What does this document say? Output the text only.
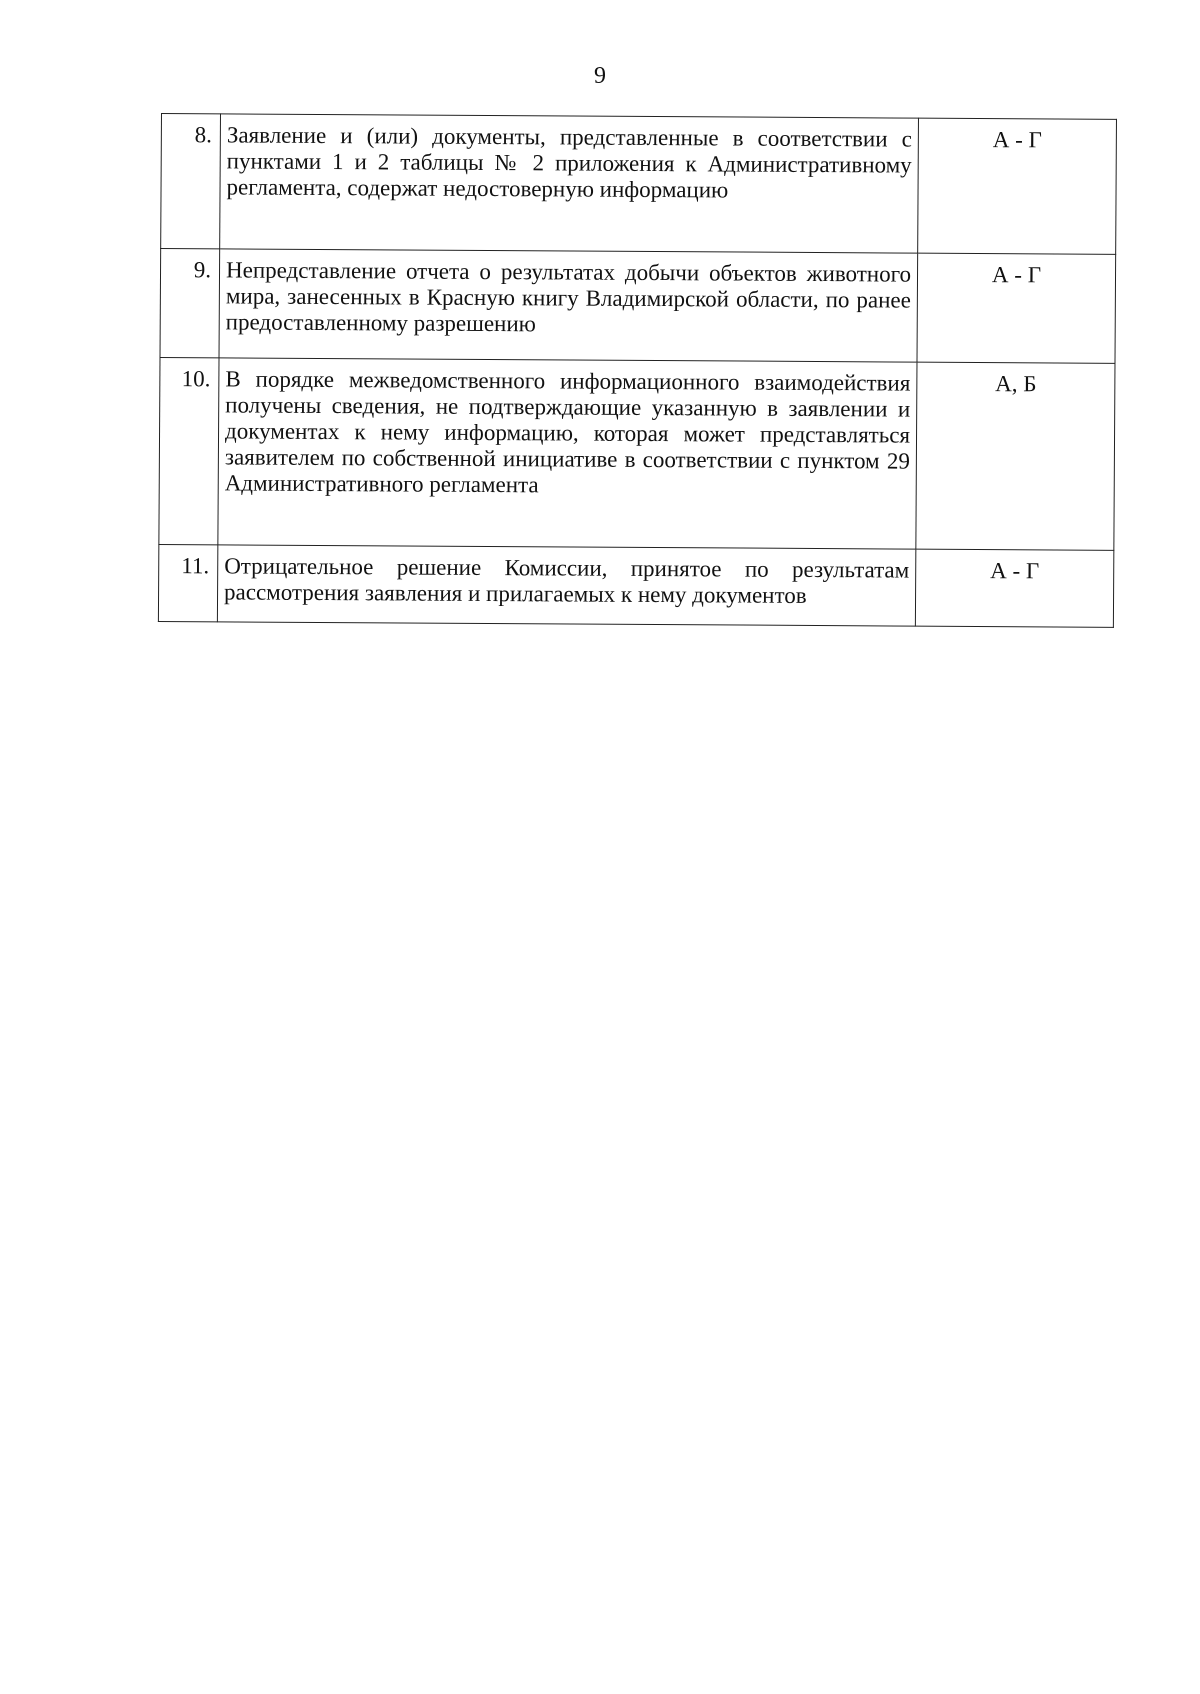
9
8.	Заявление и (или) документы, представленные в соответствии с пунктами 1 и 2 таблицы № 2 приложения к Административному регламента, содержат недостоверную информацию	А - Г
9.	Непредставление отчета о результатах добычи объектов животного мира, занесенных в Красную книгу Владимирской области, по ранее предоставленному разрешению	А - Г
10.	В порядке межведомственного информационного взаимодействия получены сведения, не подтверждающие указанную в заявлении и документах к нему информацию, которая может представляться заявителем по собственной инициативе в соответствии с пунктом 29 Административного регламента	А, Б
11.	Отрицательное решение Комиссии, принятое по результатам рассмотрения заявления и прилагаемых к нему документов	А - Г
